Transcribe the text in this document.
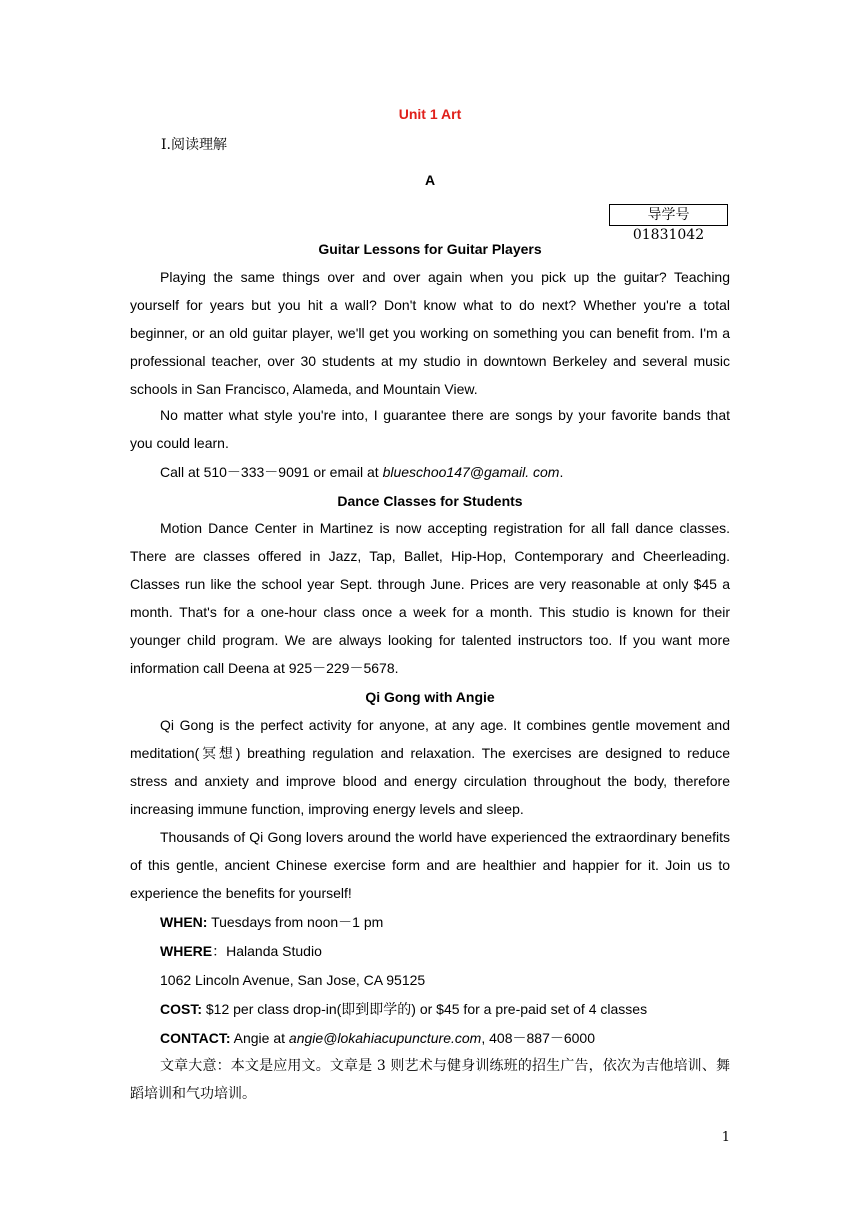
Unit 1 Art
Ⅰ.阅读理解
A
导学号 01831042
Guitar Lessons for Guitar Players
Playing the same things over and over again when you pick up the guitar? Teaching yourself for years but you hit a wall? Don't know what to do next? Whether you're a total beginner, or an old guitar player, we'll get you working on something you can benefit from. I'm a professional teacher, over 30 students at my studio in downtown Berkeley and several music schools in San Francisco, Alameda, and Mountain View.
No matter what style you're into, I guarantee there are songs by your favorite bands that you could learn.
Call at 510－333－9091 or email at blueschoo147@gamail. com.
Dance Classes for Students
Motion Dance Center in Martinez is now accepting registration for all fall dance classes. There are classes offered in Jazz, Tap, Ballet, Hip-Hop, Contemporary and Cheerleading. Classes run like the school year Sept. through June. Prices are very reasonable at only $45 a month. That's for a one-hour class once a week for a month. This studio is known for their younger child program. We are always looking for talented instructors too. If you want more information call Deena at 925－229－5678.
Qi Gong with Angie
Qi Gong is the perfect activity for anyone, at any age. It combines gentle movement and meditation(冥想) breathing regulation and relaxation. The exercises are designed to reduce stress and anxiety and improve blood and energy circulation throughout the body, therefore increasing immune function, improving energy levels and sleep.
Thousands of Qi Gong lovers around the world have experienced the extraordinary benefits of this gentle, ancient Chinese exercise form and are healthier and happier for it. Join us to experience the benefits for yourself!
WHEN: Tuesdays from noon－1 pm
WHERE：Halanda Studio
1062 Lincoln Avenue, San Jose, CA 95125
COST: $12 per class drop-in(即到即学的) or $45 for a pre-paid set of 4 classes
CONTACT: Angie at angie@lokahiacupuncture.com, 408－887－6000
文章大意：本文是应用文。文章是 3 则艺术与健身训练班的招生广告，依次为吉他培训、舞蹈培训和气功培训。
1
